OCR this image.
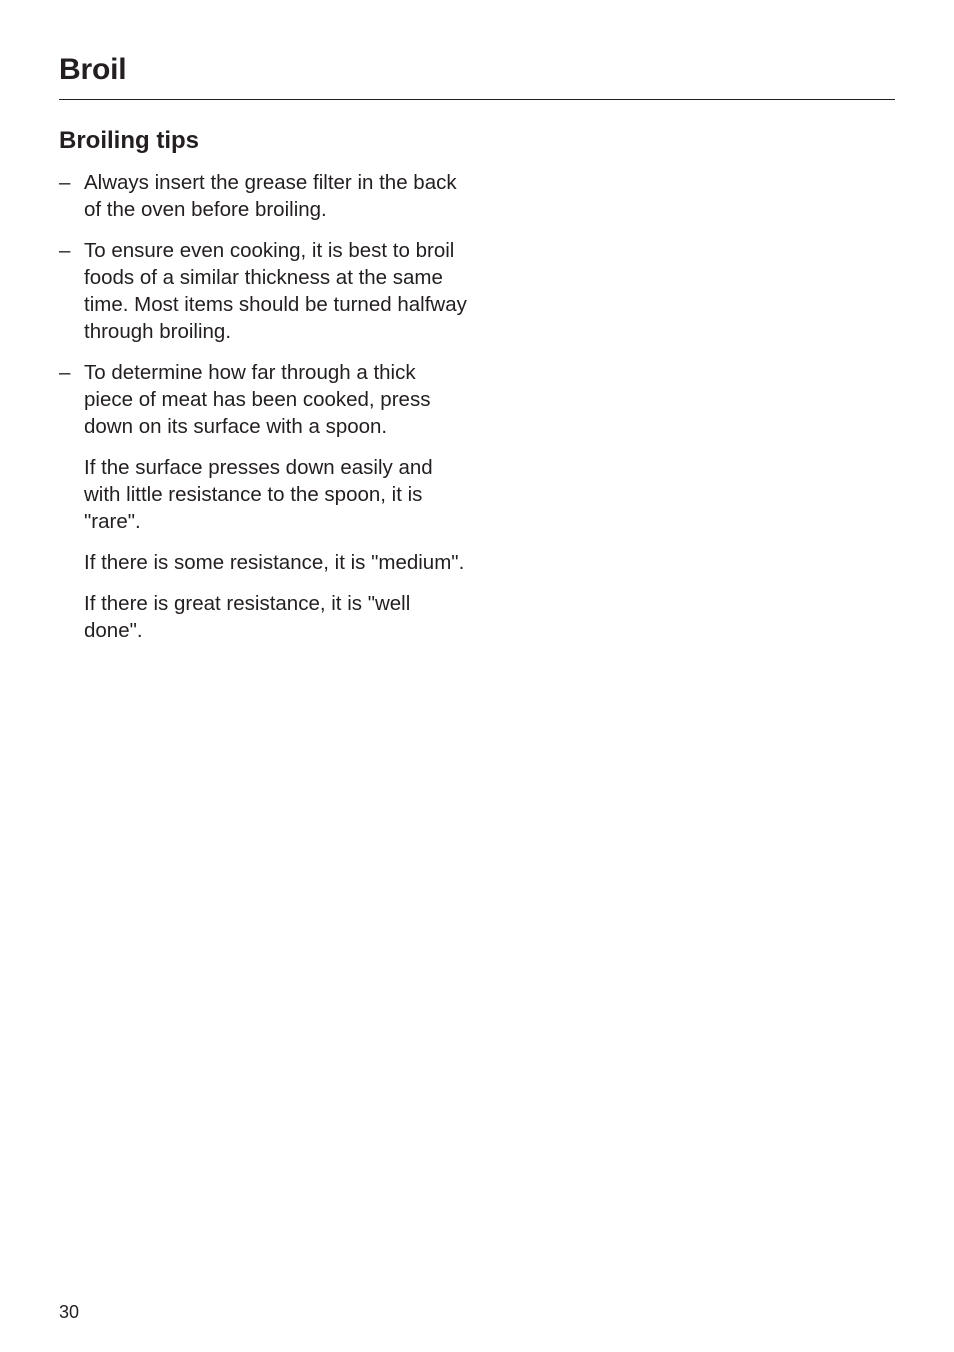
Broil
Broiling tips
– Always insert the grease filter in the back of the oven before broiling.
– To ensure even cooking, it is best to broil foods of a similar thickness at the same time. Most items should be turned halfway through broiling.
– To determine how far through a thick piece of meat has been cooked, press down on its surface with a spoon.

If the surface presses down easily and with little resistance to the spoon, it is "rare".

If there is some resistance, it is "medium".

If there is great resistance, it is "well done".

30
